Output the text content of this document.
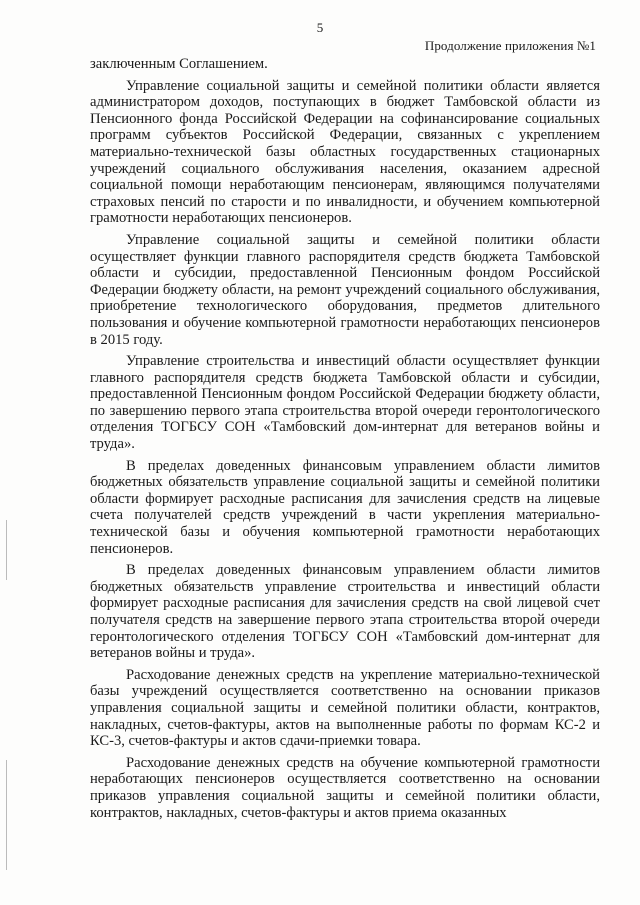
5
Продолжение приложения №1

заключенным Соглашением.

Управление социальной защиты и семейной политики области является администратором доходов, поступающих в бюджет Тамбовской области из Пенсионного фонда Российской Федерации на софинансирование социальных программ субъектов Российской Федерации, связанных с укреплением материально-технической базы областных государственных стационарных учреждений социального обслуживания населения, оказанием адресной социальной помощи неработающим пенсионерам, являющимся получателями страховых пенсий по старости и по инвалидности, и обучением компьютерной грамотности неработающих пенсионеров.

Управление социальной защиты и семейной политики области осуществляет функции главного распорядителя средств бюджета Тамбовской области и субсидии, предоставленной Пенсионным фондом Российской Федерации бюджету области, на ремонт учреждений социального обслуживания, приобретение технологического оборудования, предметов длительного пользования и обучение компьютерной грамотности неработающих пенсионеров в 2015 году.

Управление строительства и инвестиций области осуществляет функции главного распорядителя средств бюджета Тамбовской области и субсидии, предоставленной Пенсионным фондом Российской Федерации бюджету области, по завершению первого этапа строительства второй очереди геронтологического отделения ТОГБСУ СОН «Тамбовский дом-интернат для ветеранов войны и труда».

В пределах доведенных финансовым управлением области лимитов бюджетных обязательств управление социальной защиты и семейной политики области формирует расходные расписания для зачисления средств на лицевые счета получателей средств учреждений в части укрепления материально-технической базы и обучения компьютерной грамотности неработающих пенсионеров.

В пределах доведенных финансовым управлением области лимитов бюджетных обязательств управление строительства и инвестиций области формирует расходные расписания для зачисления средств на свой лицевой счет получателя средств на завершение первого этапа строительства второй очереди геронтологического отделения ТОГБСУ СОН «Тамбовский дом-интернат для ветеранов войны и труда».

Расходование денежных средств на укрепление материально-технической базы учреждений осуществляется соответственно на основании приказов управления социальной защиты и семейной политики области, контрактов, накладных, счетов-фактуры, актов на выполненные работы по формам КС-2 и КС-3, счетов-фактуры и актов сдачи-приемки товара.

Расходование денежных средств на обучение компьютерной грамотности неработающих пенсионеров осуществляется соответственно на основании приказов управления социальной защиты и семейной политики области, контрактов, накладных, счетов-фактуры и актов приема оказанных
